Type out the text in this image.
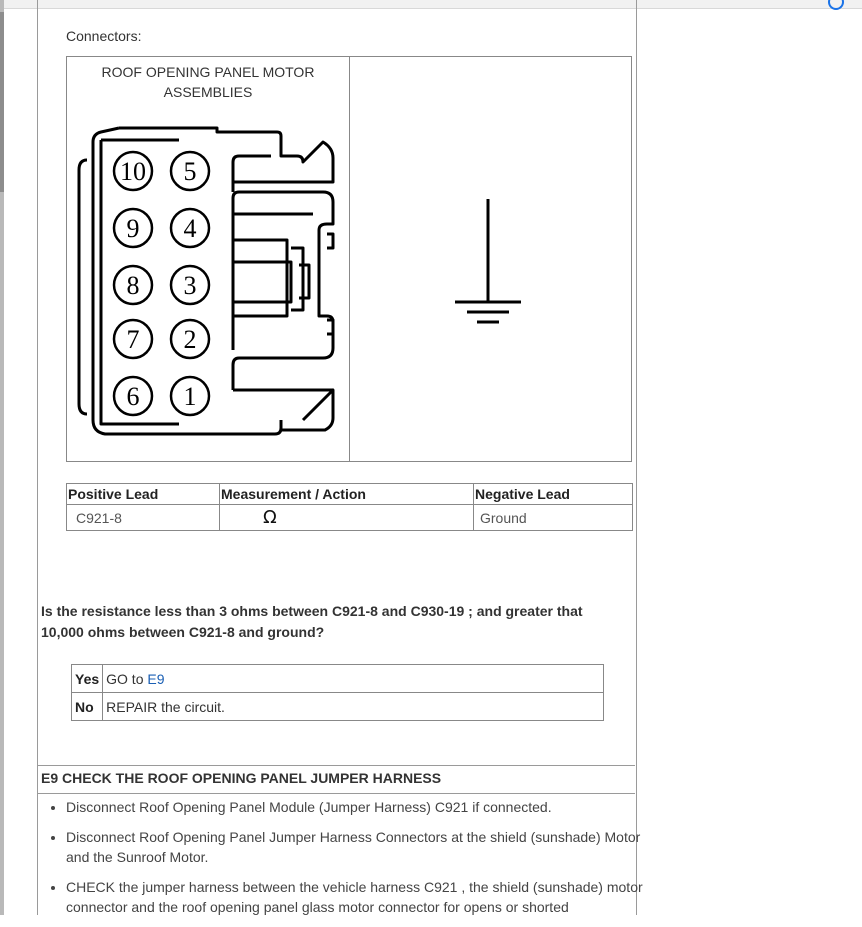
Connectors:
ROOF OPENING PANEL MOTOR
ASSEMBLIES
10 5
9 4
8 3
7 2
6 1
Positive Lead	Measurement / Action	Negative Lead
C921-8	Ω	Ground
Is the resistance less than 3 ohms between C921-8 and C930-19 ; and greater that 10,000 ohms between C921-8 and ground?
Yes	GO to E9
No	REPAIR the circuit.
E9 CHECK THE ROOF OPENING PANEL JUMPER HARNESS
• Disconnect Roof Opening Panel Module (Jumper Harness) C921 if connected.
• Disconnect Roof Opening Panel Jumper Harness Connectors at the shield (sunshade) Motor and the Sunroof Motor.
• CHECK the jumper harness between the vehicle harness C921 , the shield (sunshade) motor connector and the roof opening panel glass motor connector for opens or shorted
